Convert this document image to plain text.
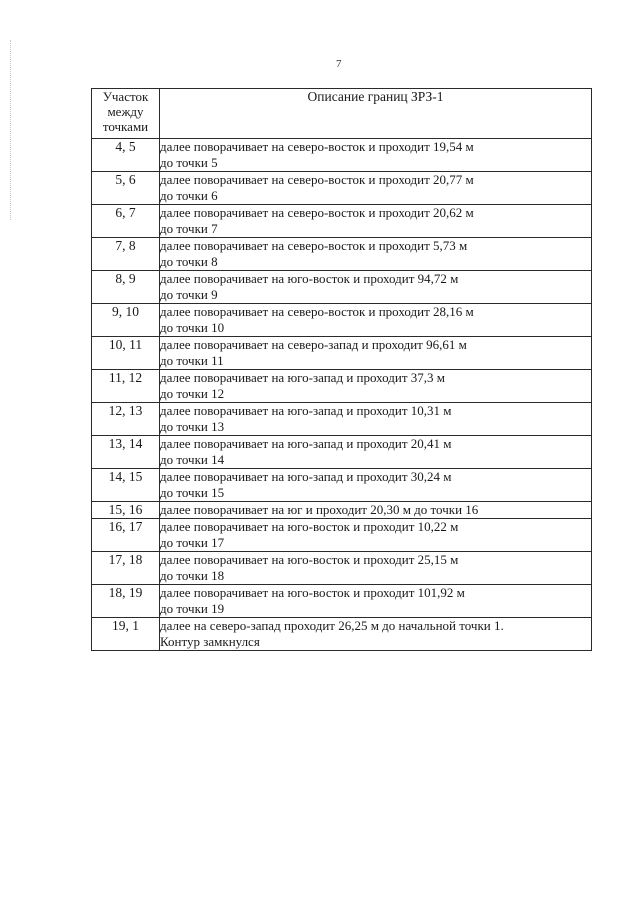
7
Участок
между
точками	Описание границ ЗРЗ-1
4, 5	далее поворачивает на северо-восток и проходит 19,54 м
до точки 5

5, 6	далее поворачивает на северо-восток и проходит 20,77 м
до точки 6

6, 7	далее поворачивает на северо-восток и проходит 20,62 м
до точки 7

7, 8	далее поворачивает на северо-восток и проходит 5,73 м
до точки 8

8, 9	далее поворачивает на юго-восток и проходит 94,72 м
до точки 9

9, 10	далее поворачивает на северо-восток и проходит 28,16 м
до точки 10

10, 11	далее поворачивает на северо-запад и проходит 96,61 м
до точки 11

11, 12	далее поворачивает на юго-запад и проходит 37,3 м
до точки 12

12, 13	далее поворачивает на юго-запад и проходит 10,31 м
до точки 13

13, 14	далее поворачивает на юго-запад и проходит 20,41 м
до точки 14

14, 15	далее поворачивает на юго-запад и проходит 30,24 м
до точки 15

15, 16	далее поворачивает на юг и проходит 20,30 м до точки 16

16, 17	далее поворачивает на юго-восток и проходит 10,22 м
до точки 17

17, 18	далее поворачивает на юго-восток и проходит 25,15 м
до точки 18

18, 19	далее поворачивает на юго-восток и проходит 101,92 м
до точки 19

19, 1	далее на северо-запад проходит 26,25 м до начальной точки 1.
Контур замкнулся
